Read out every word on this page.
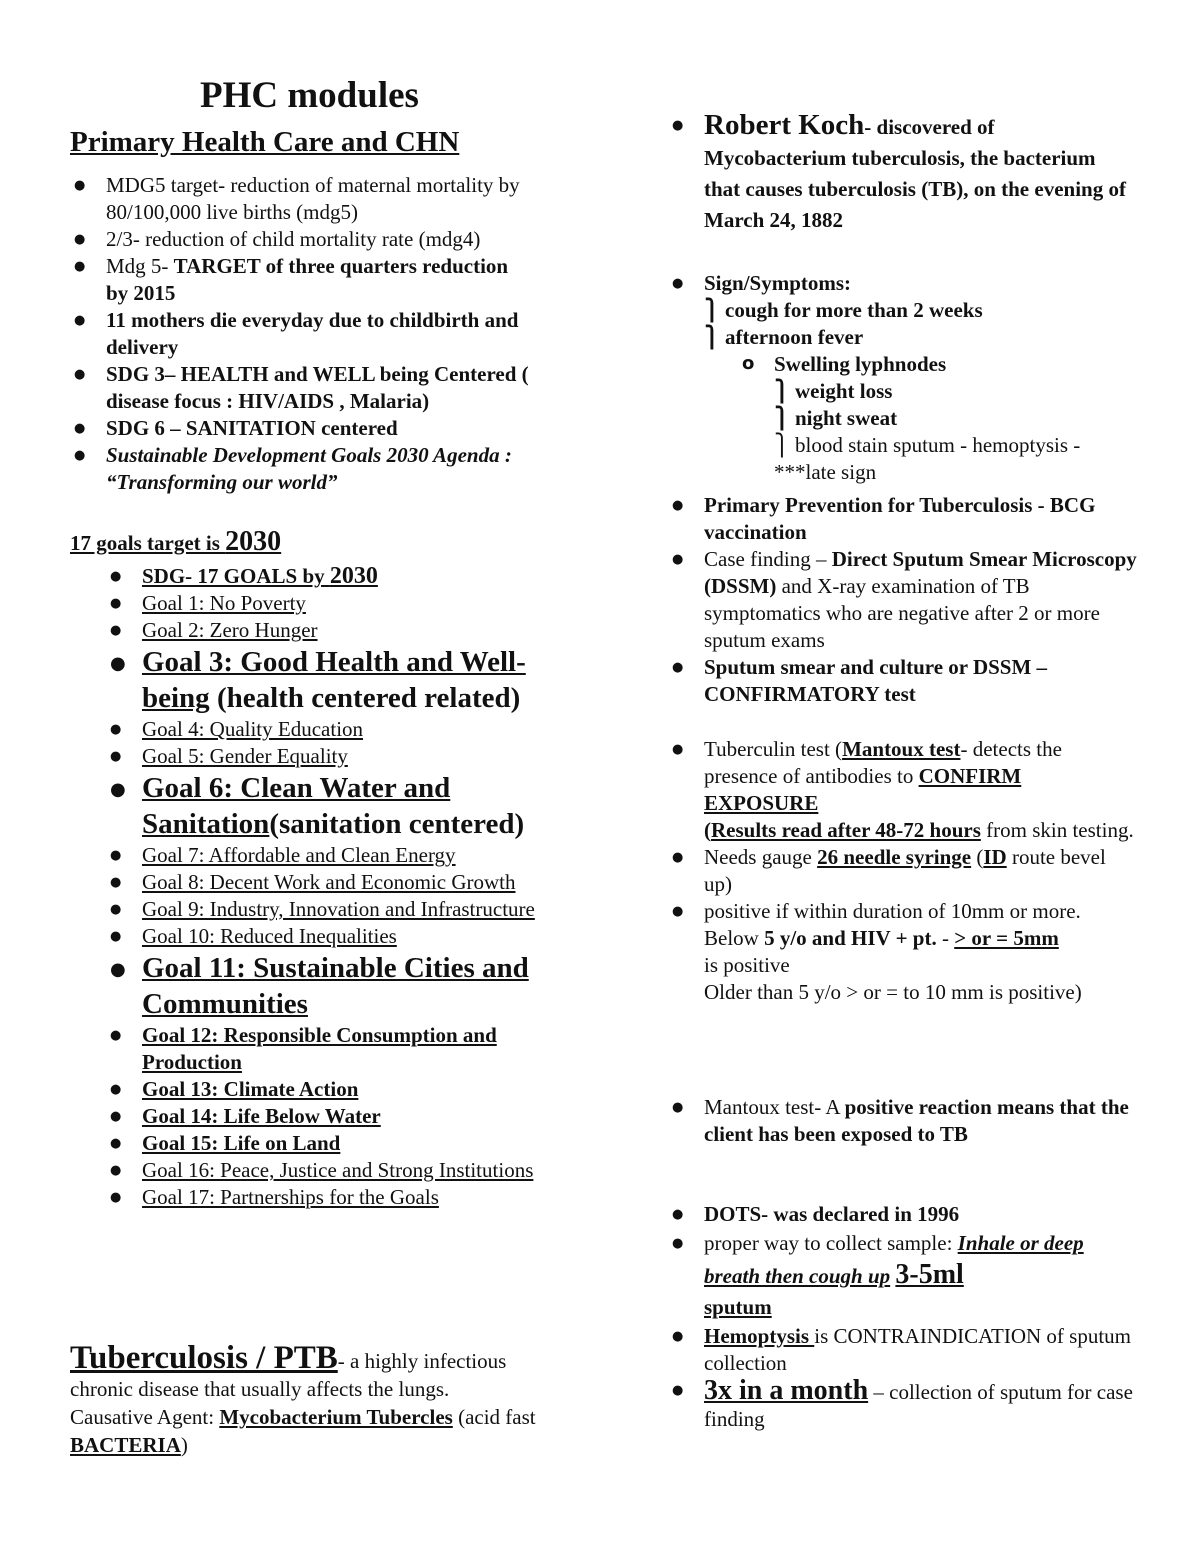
PHC modules
Primary Health Care and CHN
● MDG5 target- reduction of maternal mortality by 80/100,000 live births (mdg5)
● 2/3- reduction of child mortality rate (mdg4)
● Mdg 5- TARGET of three quarters reduction by 2015
● 11 mothers die everyday due to childbirth and delivery
● SDG 3– HEALTH and WELL being Centered ( disease focus : HIV/AIDS , Malaria)
● SDG 6 – SANITATION centered
● Sustainable Development Goals 2030 Agenda : “Transforming our world”
17 goals target is 2030
● SDG- 17 GOALS by 2030
● Goal 1: No Poverty
● Goal 2: Zero Hunger
● Goal 3: Good Health and Well-being (health centered related)
● Goal 4: Quality Education
● Goal 5: Gender Equality
● Goal 6: Clean Water and Sanitation(sanitation centered)
● Goal 7: Affordable and Clean Energy
● Goal 8: Decent Work and Economic Growth
● Goal 9: Industry, Innovation and Infrastructure
● Goal 10: Reduced Inequalities
● Goal 11: Sustainable Cities and Communities
● Goal 12: Responsible Consumption and Production
● Goal 13: Climate Action
● Goal 14: Life Below Water
● Goal 15: Life on Land
● Goal 16: Peace, Justice and Strong Institutions
● Goal 17: Partnerships for the Goals
Tuberculosis / PTB- a highly infectious chronic disease that usually affects the lungs.
Causative Agent: Mycobacterium Tubercles (acid fast BACTERIA)
● Robert Koch- discovered of
Mycobacterium tuberculosis, the bacterium that causes tuberculosis (TB), on the evening of March 24, 1882
● Sign/Symptoms:
⎫ cough for more than 2 weeks
⎫ afternoon fever
o Swelling lyphnodes
⎫ weight loss
⎫ night sweat
⎫ blood stain sputum - hemoptysis - ***late sign
● Primary Prevention for Tuberculosis - BCG vaccination
● Case finding – Direct Sputum Smear Microscopy (DSSM) and X-ray examination of TB symptomatics who are negative after 2 or more sputum exams
● Sputum smear and culture or DSSM – CONFIRMATORY test
● Tuberculin test (Mantoux test- detects the presence of antibodies to CONFIRM EXPOSURE
(Results read after 48-72 hours from skin testing.
● Needs gauge 26 needle syringe (ID route bevel up)
● positive if within duration of 10mm or more.
Below 5 y/o and HIV + pt. - > or = 5mm
is positive
Older than 5 y/o > or = to 10 mm is positive)
● Mantoux test- A positive reaction means that the client has been exposed to TB
● DOTS- was declared in 1996
● proper way to collect sample: Inhale or deep breath then cough up 3-5ml
sputum
● Hemoptysis is CONTRAINDICATION of sputum collection
● 3x in a month – collection of sputum for case finding
